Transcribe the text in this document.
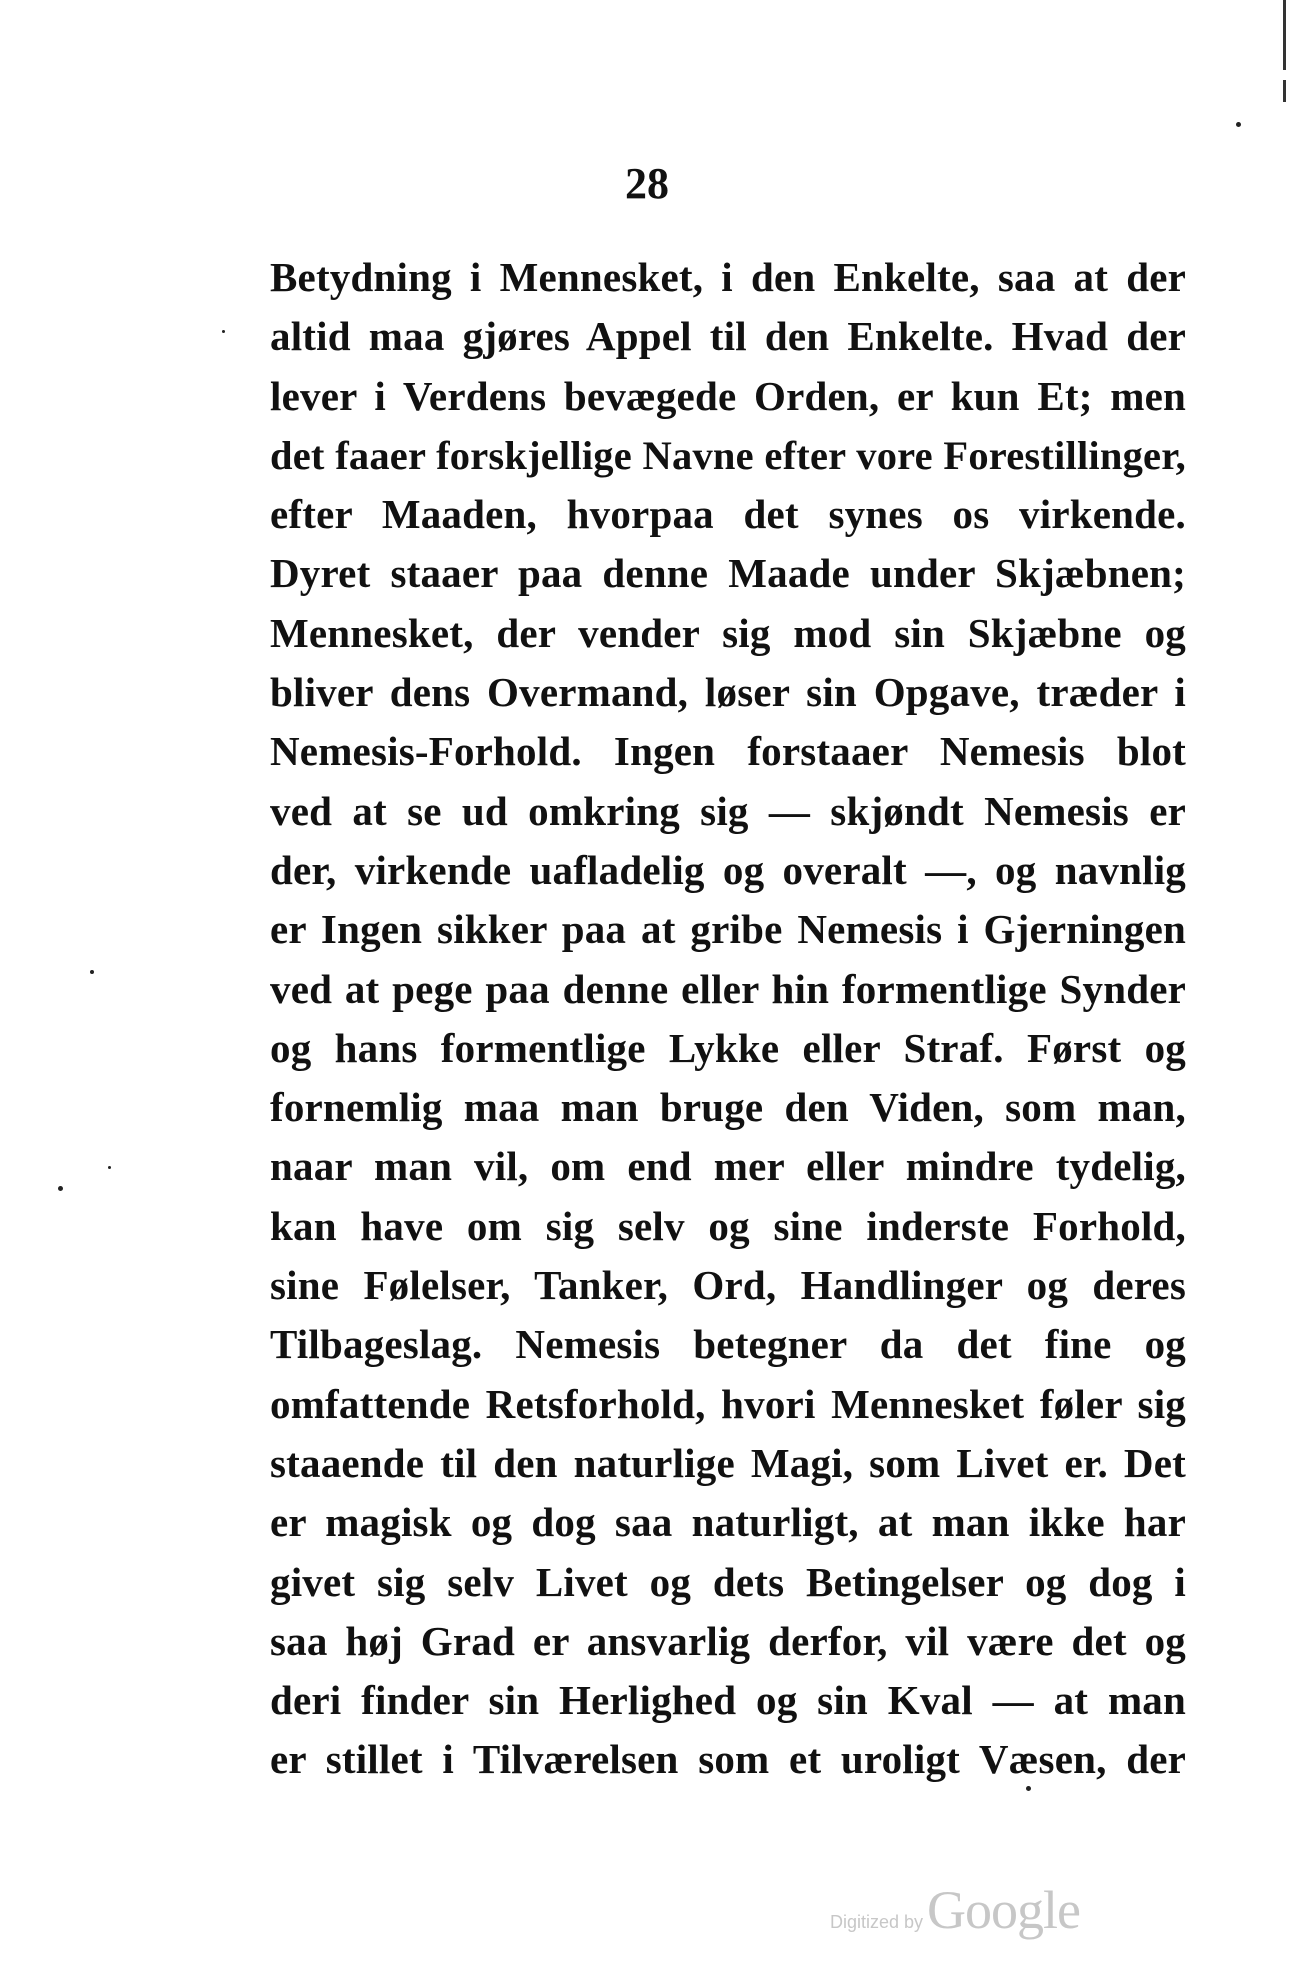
28
Betydning i Mennesket, i den Enkelte, saa at der
altid maa gjøres Appel til den Enkelte. Hvad der
lever i Verdens bevægede Orden, er kun Et; men
det faaer forskjellige Navne efter vore Forestillinger,
efter Maaden, hvorpaa det synes os virkende.
Dyret staaer paa denne Maade under Skjæbnen;
Mennesket, der vender sig mod sin Skjæbne og
bliver dens Overmand, løser sin Opgave, træder i
Nemesis-Forhold. Ingen forstaaer Nemesis blot
ved at se ud omkring sig — skjøndt Nemesis er
der, virkende uafladelig og overalt —, og navnlig
er Ingen sikker paa at gribe Nemesis i Gjerningen
ved at pege paa denne eller hin formentlige Synder
og hans formentlige Lykke eller Straf. Først og
fornemlig maa man bruge den Viden, som man,
naar man vil, om end mer eller mindre tydelig,
kan have om sig selv og sine inderste Forhold,
sine Følelser, Tanker, Ord, Handlinger og deres
Tilbageslag. Nemesis betegner da det fine og
omfattende Retsforhold, hvori Mennesket føler sig
staaende til den naturlige Magi, som Livet er. Det
er magisk og dog saa naturligt, at man ikke har
givet sig selv Livet og dets Betingelser og dog i
saa høj Grad er ansvarlig derfor, vil være det og
deri finder sin Herlighed og sin Kval — at man
er stillet i Tilværelsen som et uroligt Væsen, der
Digitized by Google
